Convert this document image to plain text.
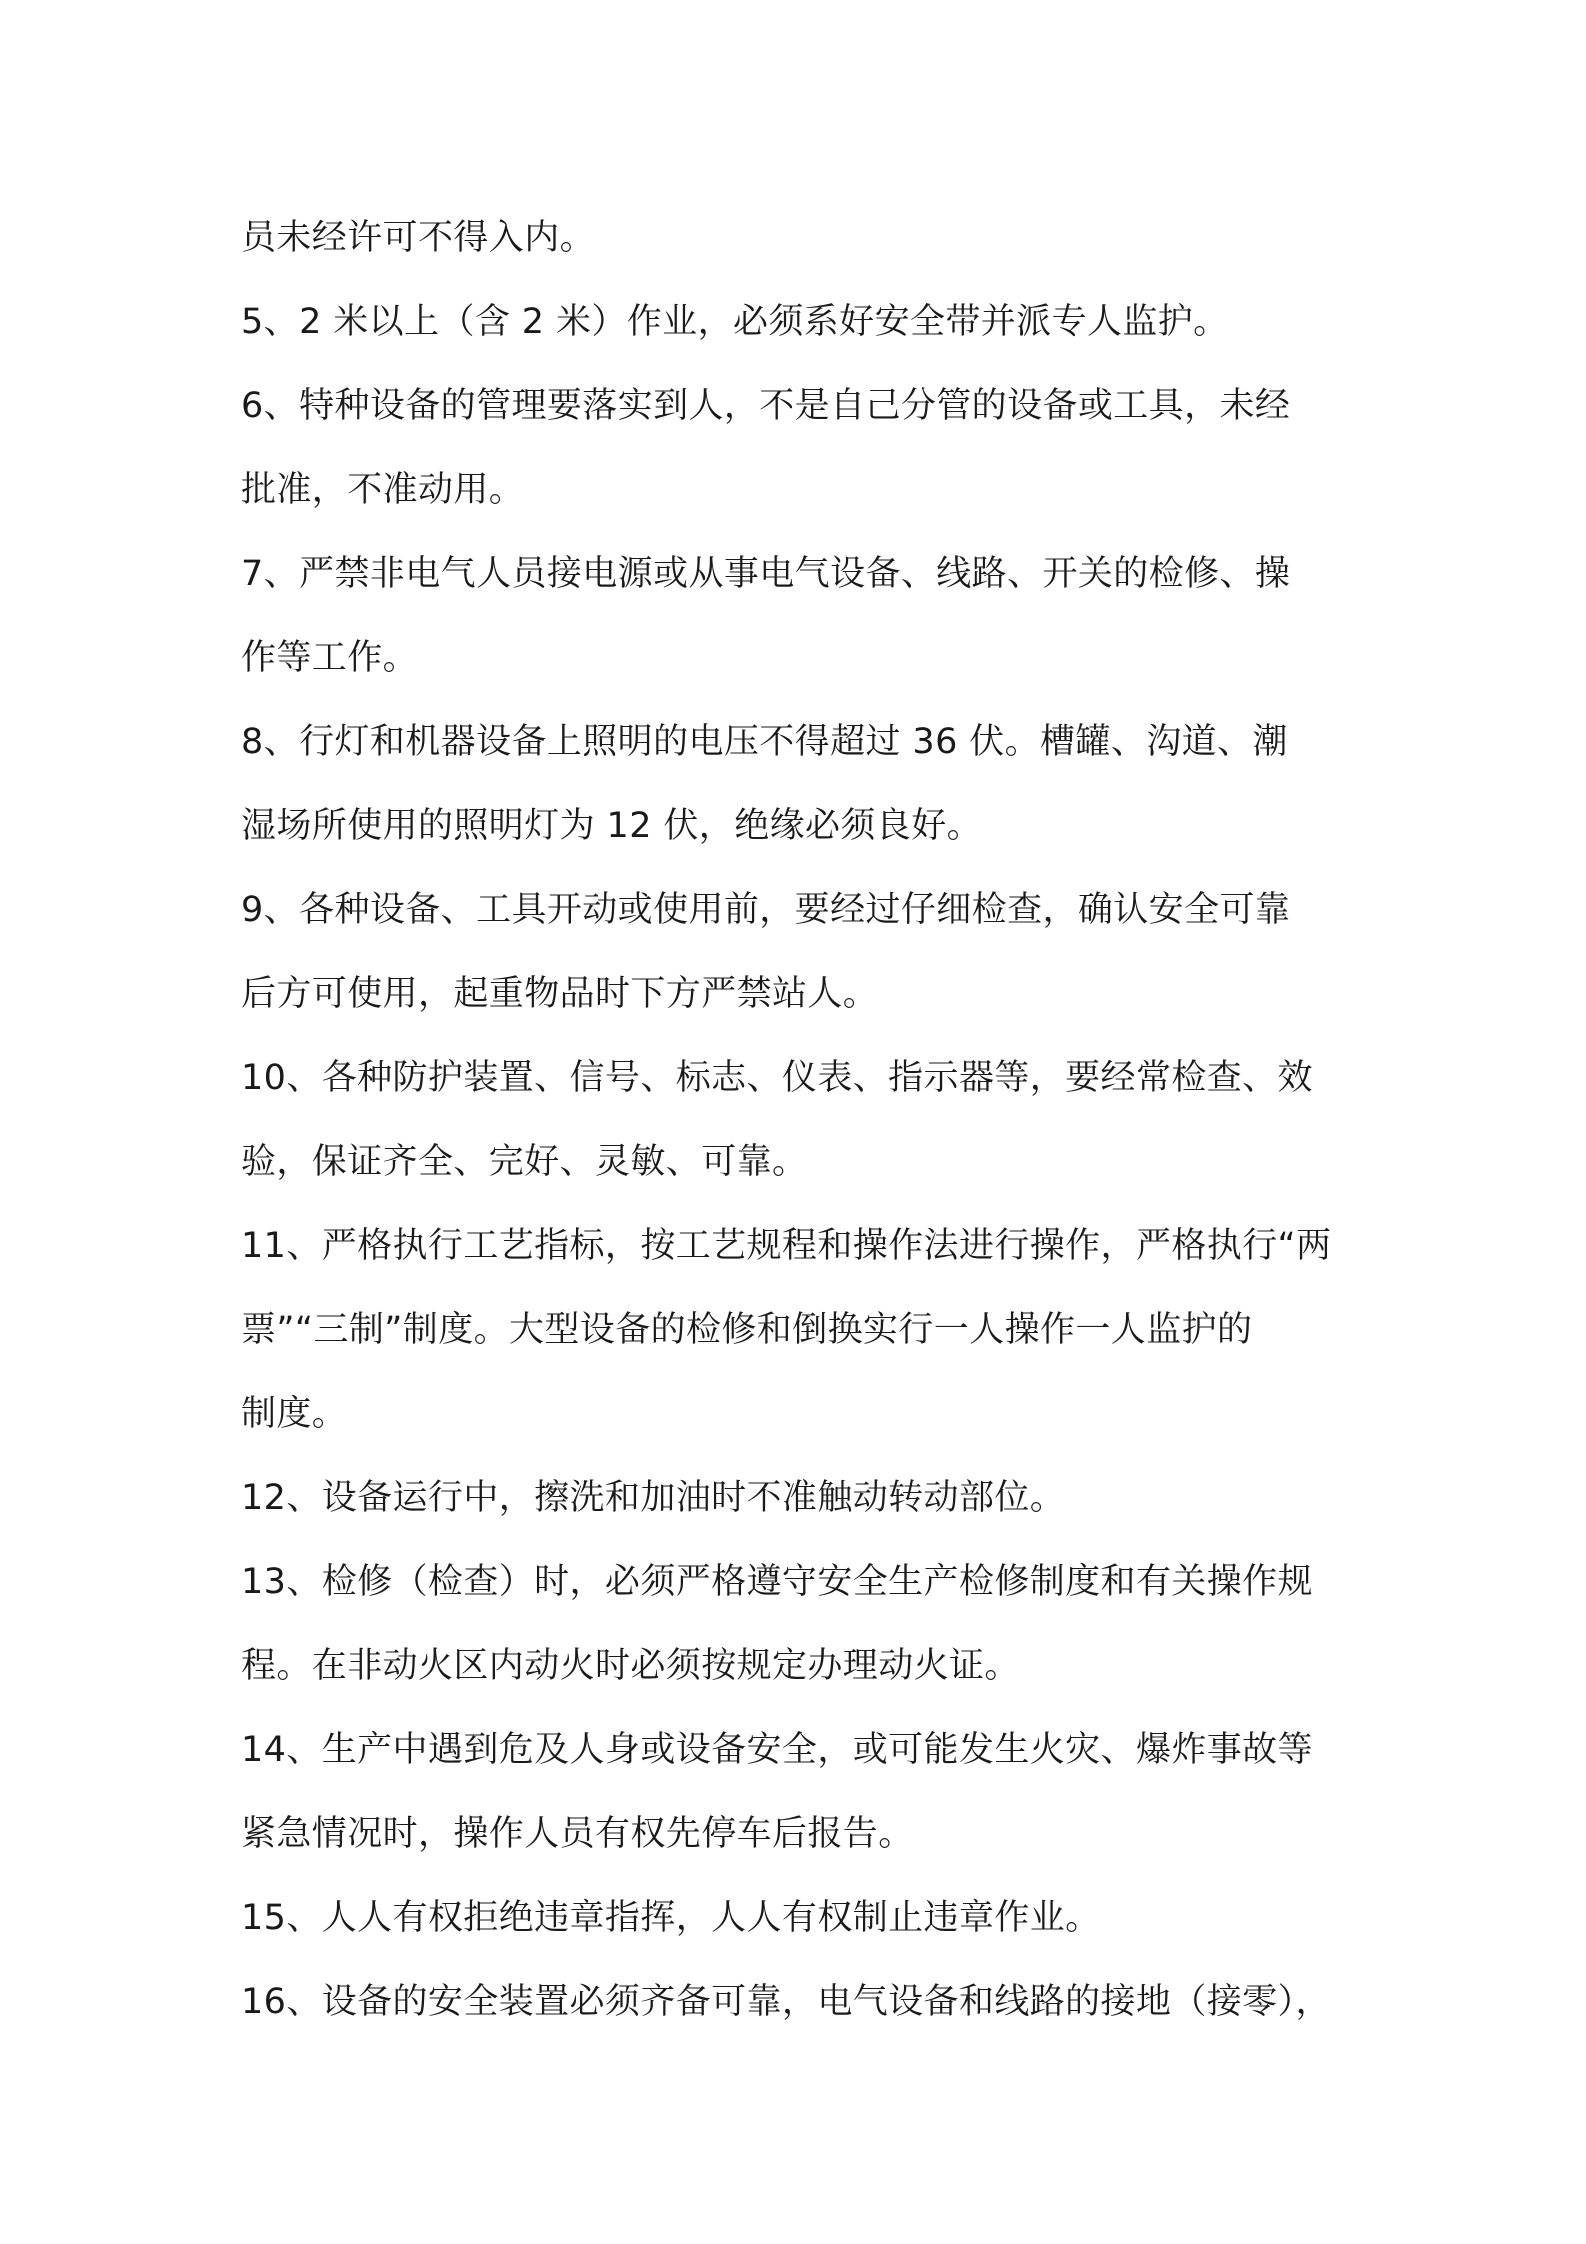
员未经许可不得入内。
5、2 米以上（含 2 米）作业，必须系好安全带并派专人监护。
6、特种设备的管理要落实到人，不是自己分管的设备或工具，未经
批准，不准动用。
7、严禁非电气人员接电源或从事电气设备、线路、开关的检修、操
作等工作。
8、行灯和机器设备上照明的电压不得超过 36 伏。槽罐、沟道、潮
湿场所使用的照明灯为 12 伏，绝缘必须良好。
9、各种设备、工具开动或使用前，要经过仔细检查，确认安全可靠
后方可使用，起重物品时下方严禁站人。
10、各种防护装置、信号、标志、仪表、指示器等，要经常检查、效
验，保证齐全、完好、灵敏、可靠。
11、严格执行工艺指标，按工艺规程和操作法进行操作，严格执行“两
票”“三制”制度。大型设备的检修和倒换实行一人操作一人监护的
制度。
12、设备运行中，擦洗和加油时不准触动转动部位。
13、检修（检查）时，必须严格遵守安全生产检修制度和有关操作规
程。在非动火区内动火时必须按规定办理动火证。
14、生产中遇到危及人身或设备安全，或可能发生火灾、爆炸事故等
紧急情况时，操作人员有权先停车后报告。
15、人人有权拒绝违章指挥，人人有权制止违章作业。
16、设备的安全装置必须齐备可靠，电气设备和线路的接地（接零），
